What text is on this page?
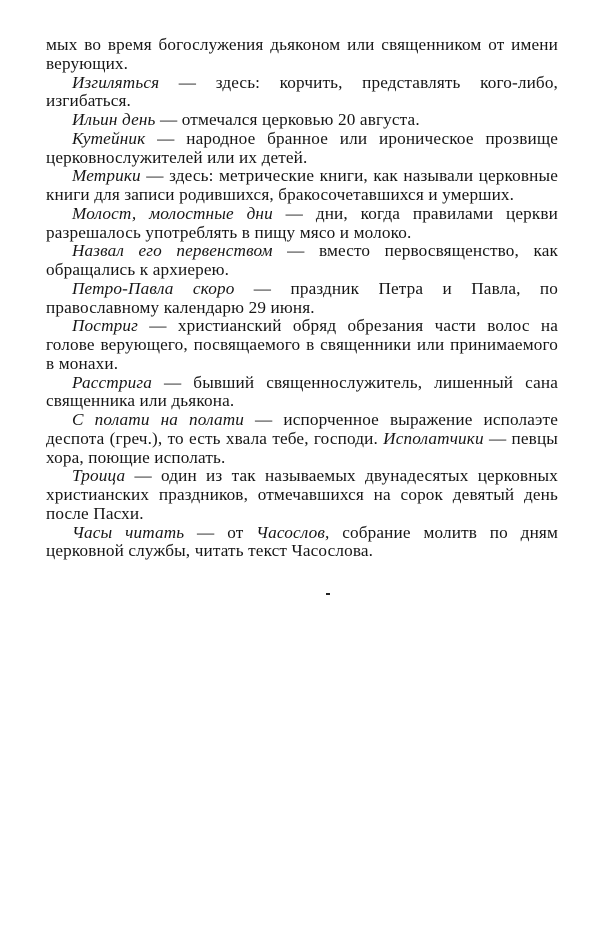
мых во время богослужения дьяконом или священником от имени верующих.

Изгиляться — здесь: корчить, представлять кого-либо, изгибаться.

Ильин день — отмечался церковью 20 августа.

Кутейник — народное бранное или ироническое прозвище церковнослужителей или их детей.

Метрики — здесь: метрические книги, как называли церковные книги для записи родившихся, бракосочетавшихся и умерших.

Молост, молостные дни — дни, когда правилами церкви разрешалось употреблять в пищу мясо и молоко.

Назвал его первенством — вместо первосвященство, как обращались к архиерею.

Петро-Павла скоро — праздник Петра и Павла, по православному календарю 29 июня.

Постриг — христианский обряд обрезания части волос на голове верующего, посвящаемого в священники или принимаемого в монахи.

Расстрига — бывший священнослужитель, лишенный сана священника или дьякона.

С полати на полати — испорченное выражение исполаэте деспота (греч.), то есть хвала тебе, господи. Исполатчики — певцы хора, поющие исполать.

Троица — один из так называемых двунадесятых церковных христианских праздников, отмечавшихся на сорок девятый день после Пасхи.

Часы читать — от Часослов, собрание молитв по дням церковной службы, читать текст Часослова.
